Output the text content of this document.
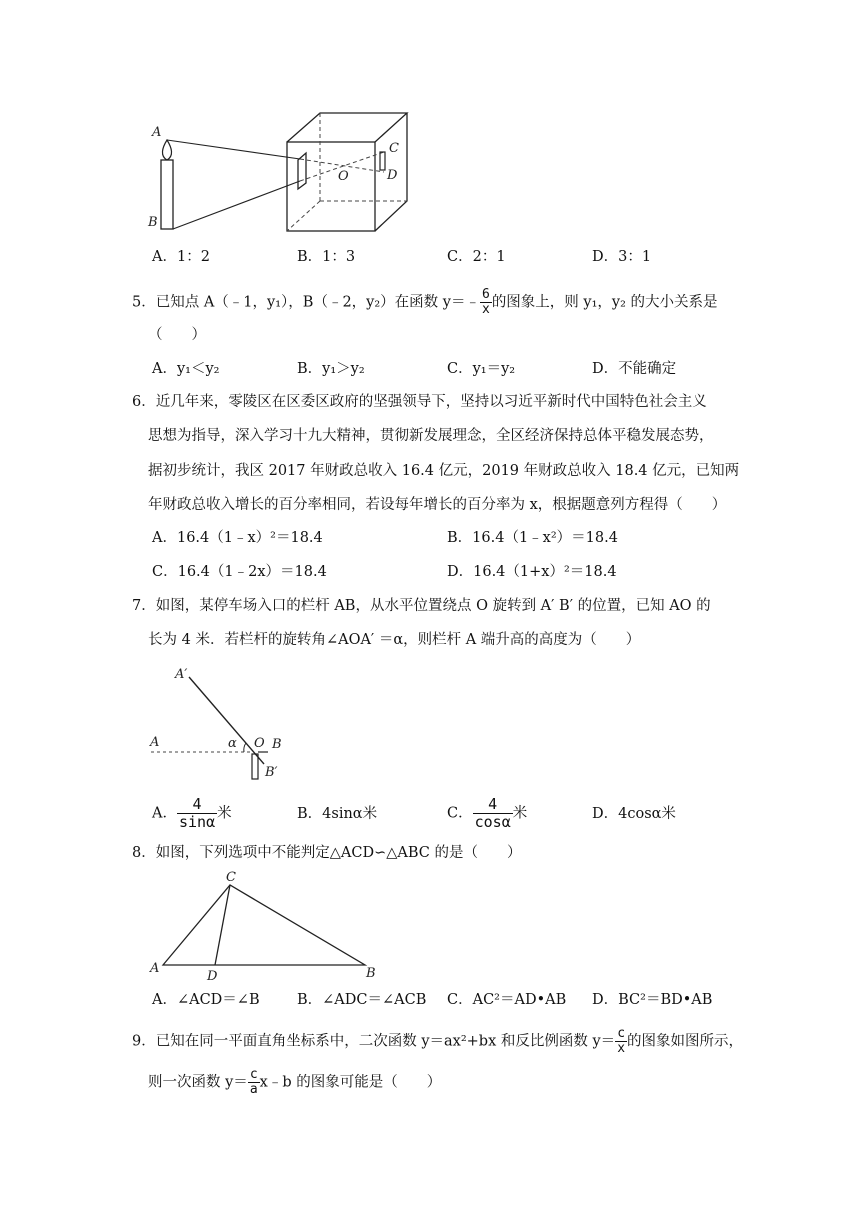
A
B
C
D
O
A．1：2	B．1：3	C．2：1	D．3：1
5．已知点 A（﹣1，y₁），B（﹣2，y₂）在函数 y＝﹣ $\frac{6}{x}$ 的图象上，则 y₁，y₂ 的大小关系是
（　　）
A．y₁＜y₂	B．y₁＞y₂	C．y₁＝y₂	D．不能确定
6．近几年来，零陵区在区委区政府的坚强领导下，坚持以习近平新时代中国特色社会主义
思想为指导，深入学习十九大精神，贯彻新发展理念，全区经济保持总体平稳发展态势，
据初步统计，我区 2017 年财政总收入 16.4 亿元，2019 年财政总收入 18.4 亿元，已知两
年财政总收入增长的百分率相同，若设每年增长的百分率为 x，根据题意列方程得（　　）
A．16.4（1﹣x）²＝18.4	B．16.4（1﹣x²）＝18.4
C．16.4（1﹣2x）＝18.4	D．16.4（1+x）²＝18.4
7．如图，某停车场入口的栏杆 AB，从水平位置绕点 O 旋转到 A′ B′ 的位置，已知 AO 的
长为 4 米．若栏杆的旋转角∠AOA′ ＝α，则栏杆 A 端升高的高度为（　　）
A′
A	α O B
B′
A． $\frac{4}{\sin\alpha}$ 米	B．4sinα米	C． $\frac{4}{\cos\alpha}$ 米	D．4cosα米
8．如图，下列选项中不能判定△ACD∽△ABC 的是（　　）
C
A
D	B
A．∠ACD＝∠B	B．∠ADC＝∠ACB C．AC²＝AD•AB D．BC²＝BD•AB
9．已知在同一平面直角坐标系中，二次函数 y＝ax²+bx 和反比例函数 $y= \frac{c}{x}$ 的图象如图所示，
则一次函数 $y= \frac{c}{a}$ x﹣b 的图象可能是（　　）
